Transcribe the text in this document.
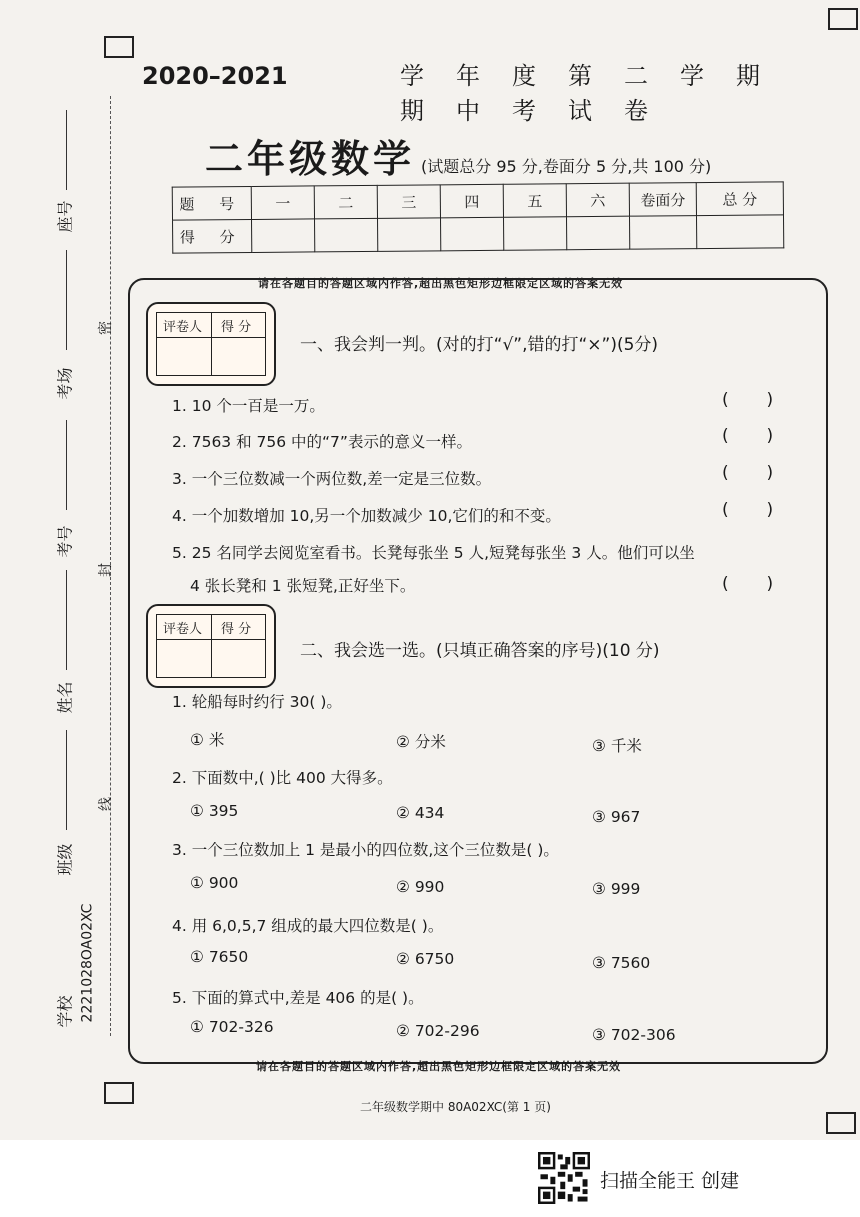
座号
考场
考号
姓名
班级
学校 2221028OA02XC
密
封
线
2020–2021	学年度第二学期期中考试卷
二年级数学 (试题总分 95 分,卷面分 5 分,共 100 分)
题 号	一	二	三	四	五	六	卷面分	总 分
得 分								
请在各题目的答题区域内作答,超出黑色矩形边框限定区域的答案无效
评卷人 得 分
一、我会判一判。(对的打“√”,错的打“×”)(5分)
1. 10 个一百是一万。	(       )
2. 7563 和 756 中的“7”表示的意义一样。	(       )
3. 一个三位数减一个两位数,差一定是三位数。	(       )
4. 一个加数增加 10,另一个加数减少 10,它们的和不变。	(       )
5. 25 名同学去阅览室看书。长凳每张坐 5 人,短凳每张坐 3 人。他们可以坐
4 张长凳和 1 张短凳,正好坐下。	(       )
评卷人 得 分
二、我会选一选。(只填正确答案的序号)(10 分)
1. 轮船每时约行 30( )。
① 米	② 分米	③ 千米
2. 下面数中,( )比 400 大得多。
① 395	② 434	③ 967
3. 一个三位数加上 1 是最小的四位数,这个三位数是( )。
① 900	② 990	③ 999
4. 用 6,0,5,7 组成的最大四位数是( )。
① 7650	② 6750	③ 7560
5. 下面的算式中,差是 406 的是( )。
① 702-326	② 702-296	③ 702-306
请在各题目的答题区域内作答,超出黑色矩形边框限定区域的答案无效
二年级数学期中 80A02XC(第 1 页)
扫描全能王 创建
